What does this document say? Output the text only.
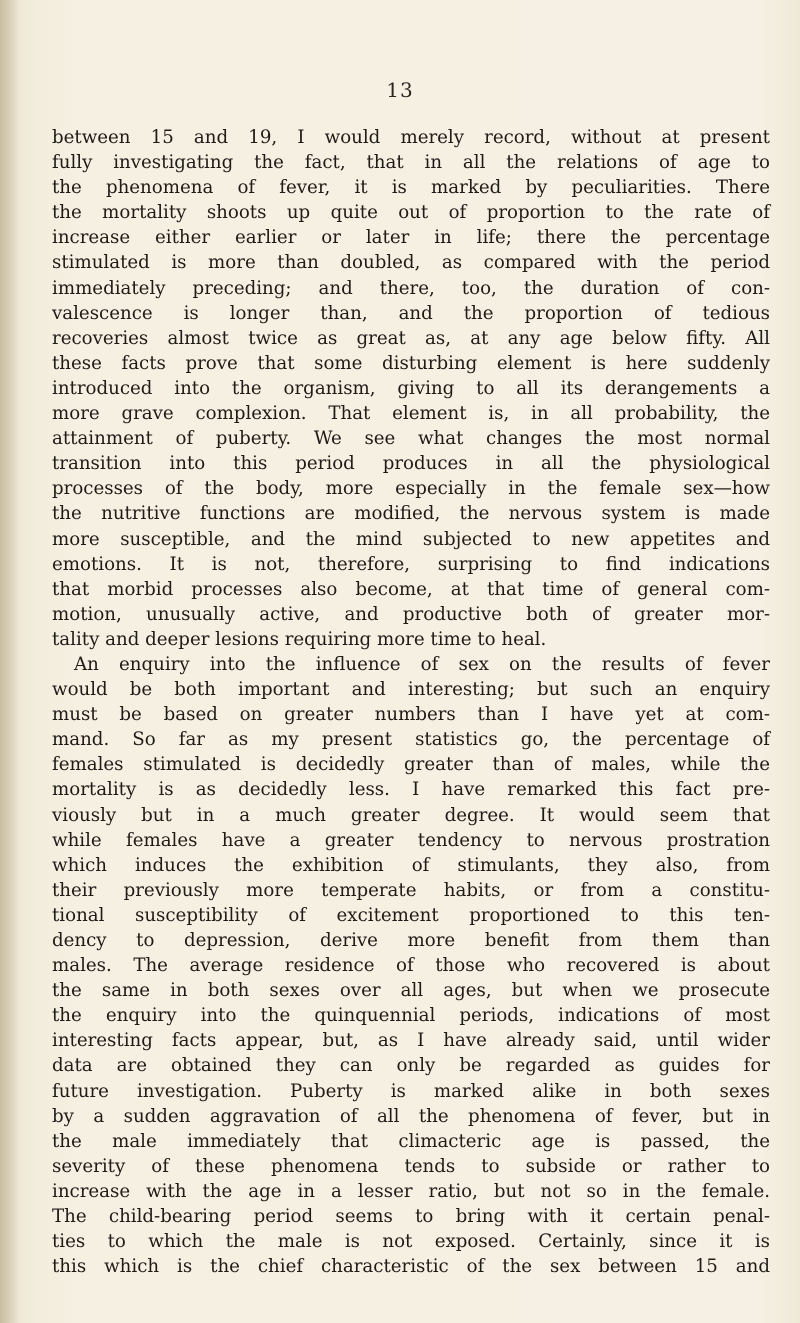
13
between 15 and 19, I would merely record, without at present
fully investigating the fact, that in all the relations of age to
the phenomena of fever, it is marked by peculiarities. There
the mortality shoots up quite out of proportion to the rate of
increase either earlier or later in life; there the percentage
stimulated is more than doubled, as compared with the period
immediately preceding; and there, too, the duration of con-
valescence is longer than, and the proportion of tedious
recoveries almost twice as great as, at any age below fifty. All
these facts prove that some disturbing element is here suddenly
introduced into the organism, giving to all its derangements a
more grave complexion. That element is, in all probability, the
attainment of puberty. We see what changes the most normal
transition into this period produces in all the physiological
processes of the body, more especially in the female sex—how
the nutritive functions are modified, the nervous system is made
more susceptible, and the mind subjected to new appetites and
emotions. It is not, therefore, surprising to find indications
that morbid processes also become, at that time of general com-
motion, unusually active, and productive both of greater mor-
tality and deeper lesions requiring more time to heal.
An enquiry into the influence of sex on the results of fever
would be both important and interesting; but such an enquiry
must be based on greater numbers than I have yet at com-
mand. So far as my present statistics go, the percentage of
females stimulated is decidedly greater than of males, while the
mortality is as decidedly less. I have remarked this fact pre-
viously but in a much greater degree. It would seem that
while females have a greater tendency to nervous prostration
which induces the exhibition of stimulants, they also, from
their previously more temperate habits, or from a constitu-
tional susceptibility of excitement proportioned to this ten-
dency to depression, derive more benefit from them than
males. The average residence of those who recovered is about
the same in both sexes over all ages, but when we prosecute
the enquiry into the quinquennial periods, indications of most
interesting facts appear, but, as I have already said, until wider
data are obtained they can only be regarded as guides for
future investigation. Puberty is marked alike in both sexes
by a sudden aggravation of all the phenomena of fever, but in
the male immediately that climacteric age is passed, the
severity of these phenomena tends to subside or rather to
increase with the age in a lesser ratio, but not so in the female.
The child-bearing period seems to bring with it certain penal-
ties to which the male is not exposed. Certainly, since it is
this which is the chief characteristic of the sex between 15 and
